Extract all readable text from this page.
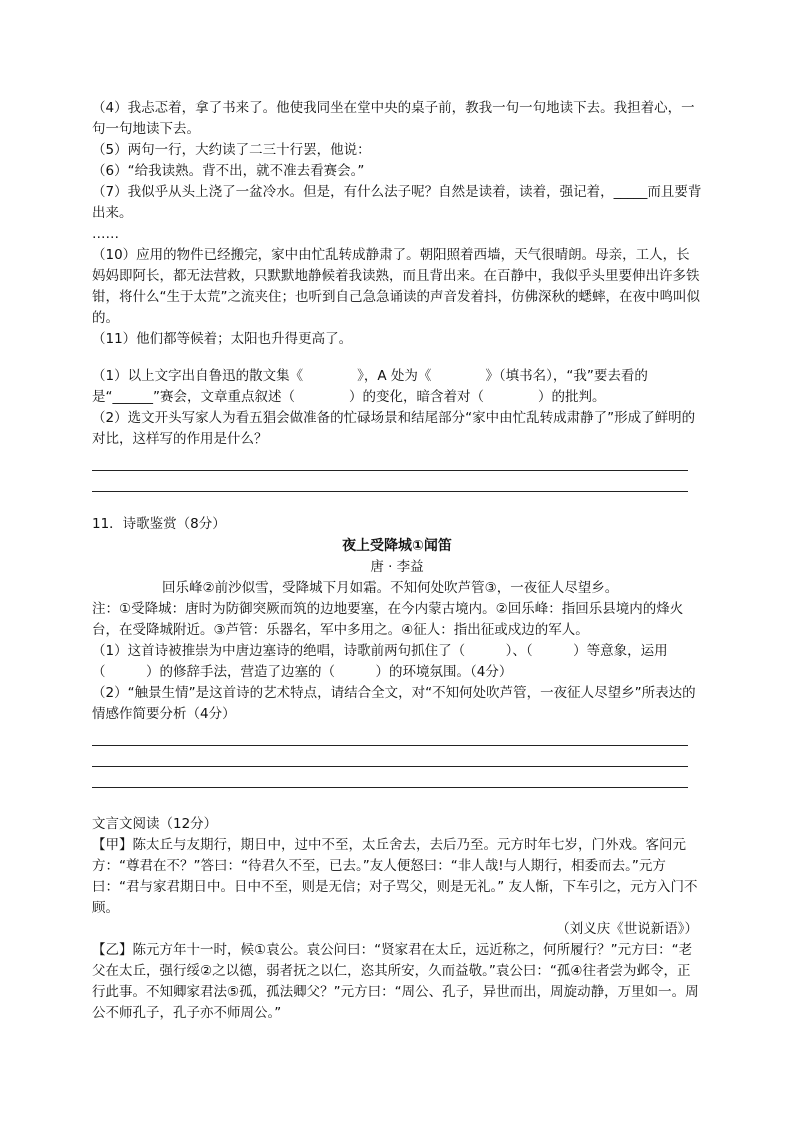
（4）我忐忑着，拿了书来了。他使我同坐在堂中央的桌子前，教我一句一句地读下去。我担着心，一句一句地读下去。

（5）两句一行，大约读了二三十行罢，他说：

（6）“给我读熟。背不出，就不准去看赛会。”

（7）我似乎从头上浇了一盆冷水。但是，有什么法子呢？自然是读着，读着，强记着，_____而且要背出来。

……

（10）应用的物件已经搬完，家中由忙乱转成静肃了。朝阳照着西墙，天气很晴朗。母亲，工人，长妈妈即阿长，都无法营救，只默默地静候着我读熟，而且背出来。在百静中，我似乎头里要伸出许多铁钳，将什么“生于太荒”之流夹住；也听到自己急急诵读的声音发着抖，仿佛深秋的蟋蟀，在夜中鸣叫似的。

（11）他们都等候着；太阳也升得更高了。

（1）以上文字出自鲁迅的散文集《　　　　》，A 处为《　　　　》（填书名），“我”要去看的是“______”赛会，文章重点叙述（　　　　）的变化，暗含着对（　　　　）的批判。

（2）选文开头写家人为看五猖会做准备的忙碌场景和结尾部分“家中由忙乱转成肃静了”形成了鲜明的对比，这样写的作用是什么？

11．诗歌鉴赏（8分）

夜上受降城①闻笛

唐 · 李益

回乐峰②前沙似雪，受降城下月如霜。不知何处吹芦管③，一夜征人尽望乡。

注：①受降城：唐时为防御突厥而筑的边地要塞，在今内蒙古境内。②回乐峰：指回乐县境内的烽火台，在受降城附近。③芦管：乐器名，军中多用之。④征人：指出征或戍边的军人。

（1）这首诗被推崇为中唐边塞诗的绝唱，诗歌前两句抓住了（　　　）、（　　　）等意象，运用（　　　）的修辞手法，营造了边塞的（　　　）的环境氛围。（4分）

（2）“触景生情”是这首诗的艺术特点，请结合全文，对“不知何处吹芦管，一夜征人尽望乡”所表达的情感作简要分析（4分）

文言文阅读（12分）

【甲】陈太丘与友期行，期日中，过中不至，太丘舍去，去后乃至。元方时年七岁，门外戏。客问元方：“尊君在不？”答曰：“待君久不至，已去。”友人便怒曰：“非人哉!与人期行，相委而去。”元方曰：“君与家君期日中。日中不至，则是无信；对子骂父，则是无礼。” 友人惭，下车引之，元方入门不顾。

（刘义庆《世说新语》）

【乙】陈元方年十一时，候①袁公。袁公问曰：“贤家君在太丘，远近称之，何所履行？”元方曰：“老父在太丘，强行绥②之以德，弱者抚之以仁，恣其所安，久而益敬。”袁公曰：“孤④往者尝为邺令，正行此事。不知卿家君法⑤孤，孤法卿父？”元方曰：“周公、孔子，异世而出，周旋动静，万里如一。周公不师孔子，孔子亦不师周公。”
